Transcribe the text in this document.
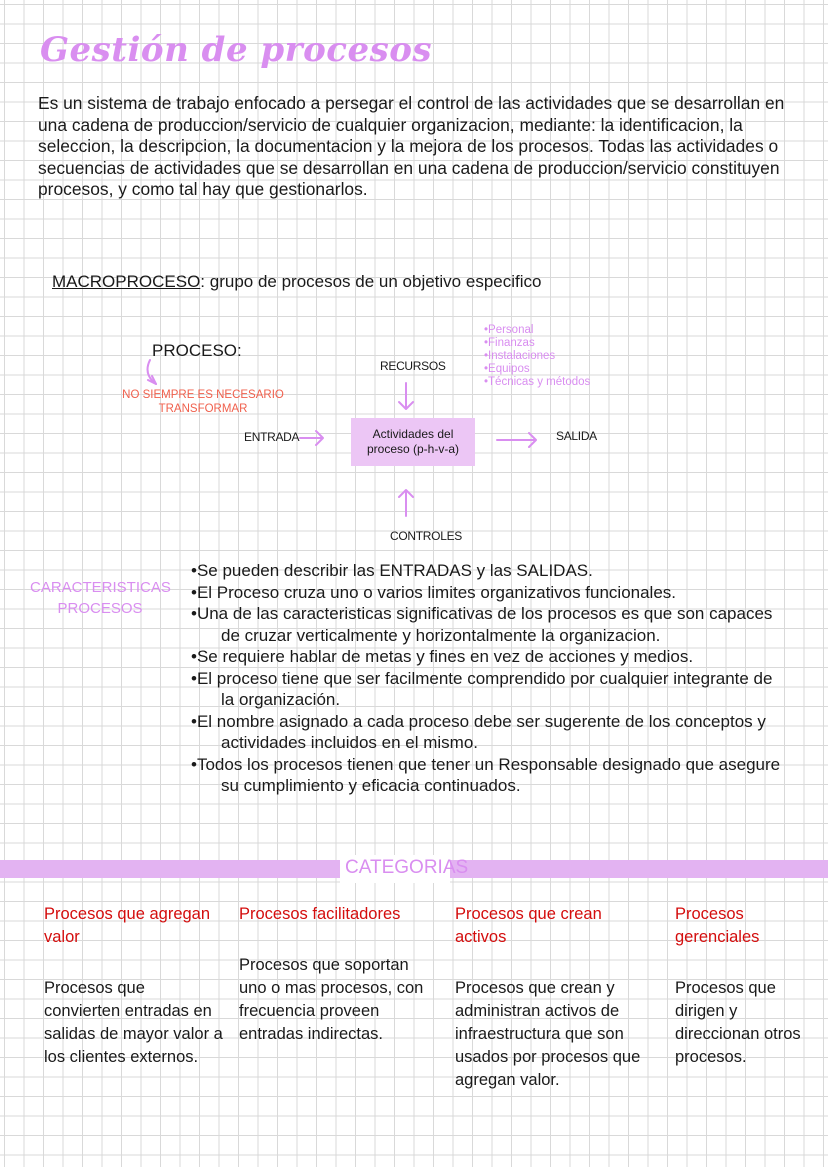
Gestión de procesos
Es un sistema de trabajo enfocado a persegar el control de las actividades que se desarrollan en una cadena de produccion/servicio de cualquier organizacion, mediante: la identificacion, la seleccion, la descripcion, la documentacion y la mejora de los procesos. Todas las actividades o secuencias de actividades que se desarrollan en una cadena de produccion/servicio constituyen procesos, y como tal hay que gestionarlos.
MACROPROCESO: grupo de procesos de un objetivo especifico
PROCESO:
NO SIEMPRE ES NECESARIO TRANSFORMAR
RECURSOS
•Personal
•Finanzas
•Instalaciones
•Equipos
•Técnicas y métodos
ENTRADA	Actividades del proceso (p-h-v-a)
SALIDA
CONTROLES
CARACTERISTICAS PROCESOS
•Se pueden describir las ENTRADAS y las SALIDAS.
•El Proceso cruza uno o varios limites organizativos funcionales.
•Una de las caracteristicas significativas de los procesos es que son capaces
de cruzar verticalmente y horizontalmente la organizacion.
•Se requiere hablar de metas y fines en vez de acciones y medios.
•El proceso tiene que ser facilmente comprendido por cualquier integrante de
la organización.
•El nombre asignado a cada proceso debe ser sugerente de los conceptos y
actividades incluidos en el mismo.
•Todos los procesos tienen que tener un Responsable designado que asegure
su cumplimiento y eficacia continuados.
CATEGORIAS
Procesos que agregan valor
Procesos que convierten entradas en salidas de mayor valor a los clientes externos.
Procesos facilitadores
Procesos que soportan uno o mas procesos, con frecuencia proveen entradas indirectas.
Procesos que crean activos
Procesos que crean y administran activos de infraestructura que son usados por procesos que agregan valor.
Procesos gerenciales
Procesos que dirigen y direccionan otros procesos.
